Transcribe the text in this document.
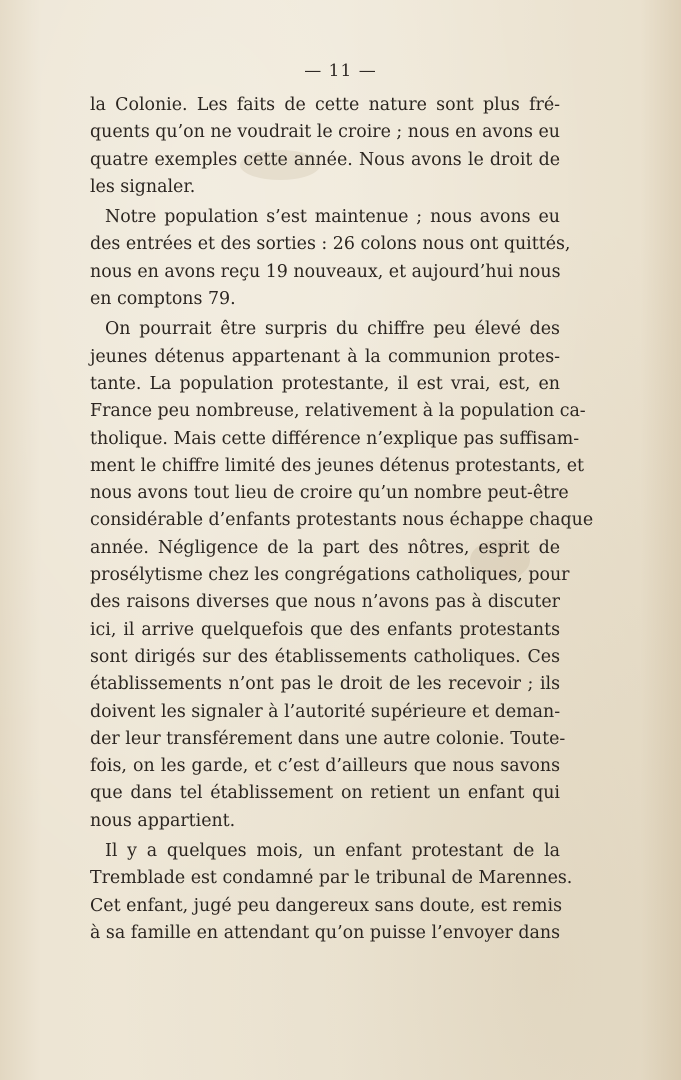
— 11 —
la Colonie. Les faits de cette nature sont plus fré-
quents qu’on ne voudrait le croire ; nous en avons eu
quatre exemples cette année. Nous avons le droit de
les signaler.
Notre population s’est maintenue ; nous avons eu
des entrées et des sorties : 26 colons nous ont quittés,
nous en avons reçu 19 nouveaux, et aujourd’hui nous
en comptons 79.
On pourrait être surpris du chiffre peu élevé des
jeunes détenus appartenant à la communion protes-
tante. La population protestante, il est vrai, est, en
France peu nombreuse, relativement à la population ca-
tholique. Mais cette différence n’explique pas suffisam-
ment le chiffre limité des jeunes détenus protestants, et
nous avons tout lieu de croire qu’un nombre peut-être
considérable d’enfants protestants nous échappe chaque
année. Négligence de la part des nôtres, esprit de
prosélytisme chez les congrégations catholiques, pour
des raisons diverses que nous n’avons pas à discuter
ici, il arrive quelquefois que des enfants protestants
sont dirigés sur des établissements catholiques. Ces
établissements n’ont pas le droit de les recevoir ; ils
doivent les signaler à l’autorité supérieure et deman-
der leur transférement dans une autre colonie. Toute-
fois, on les garde, et c’est d’ailleurs que nous savons
que dans tel établissement on retient un enfant qui
nous appartient.
Il y a quelques mois, un enfant protestant de la
Tremblade est condamné par le tribunal de Marennes.
Cet enfant, jugé peu dangereux sans doute, est remis
à sa famille en attendant qu’on puisse l’envoyer dans
